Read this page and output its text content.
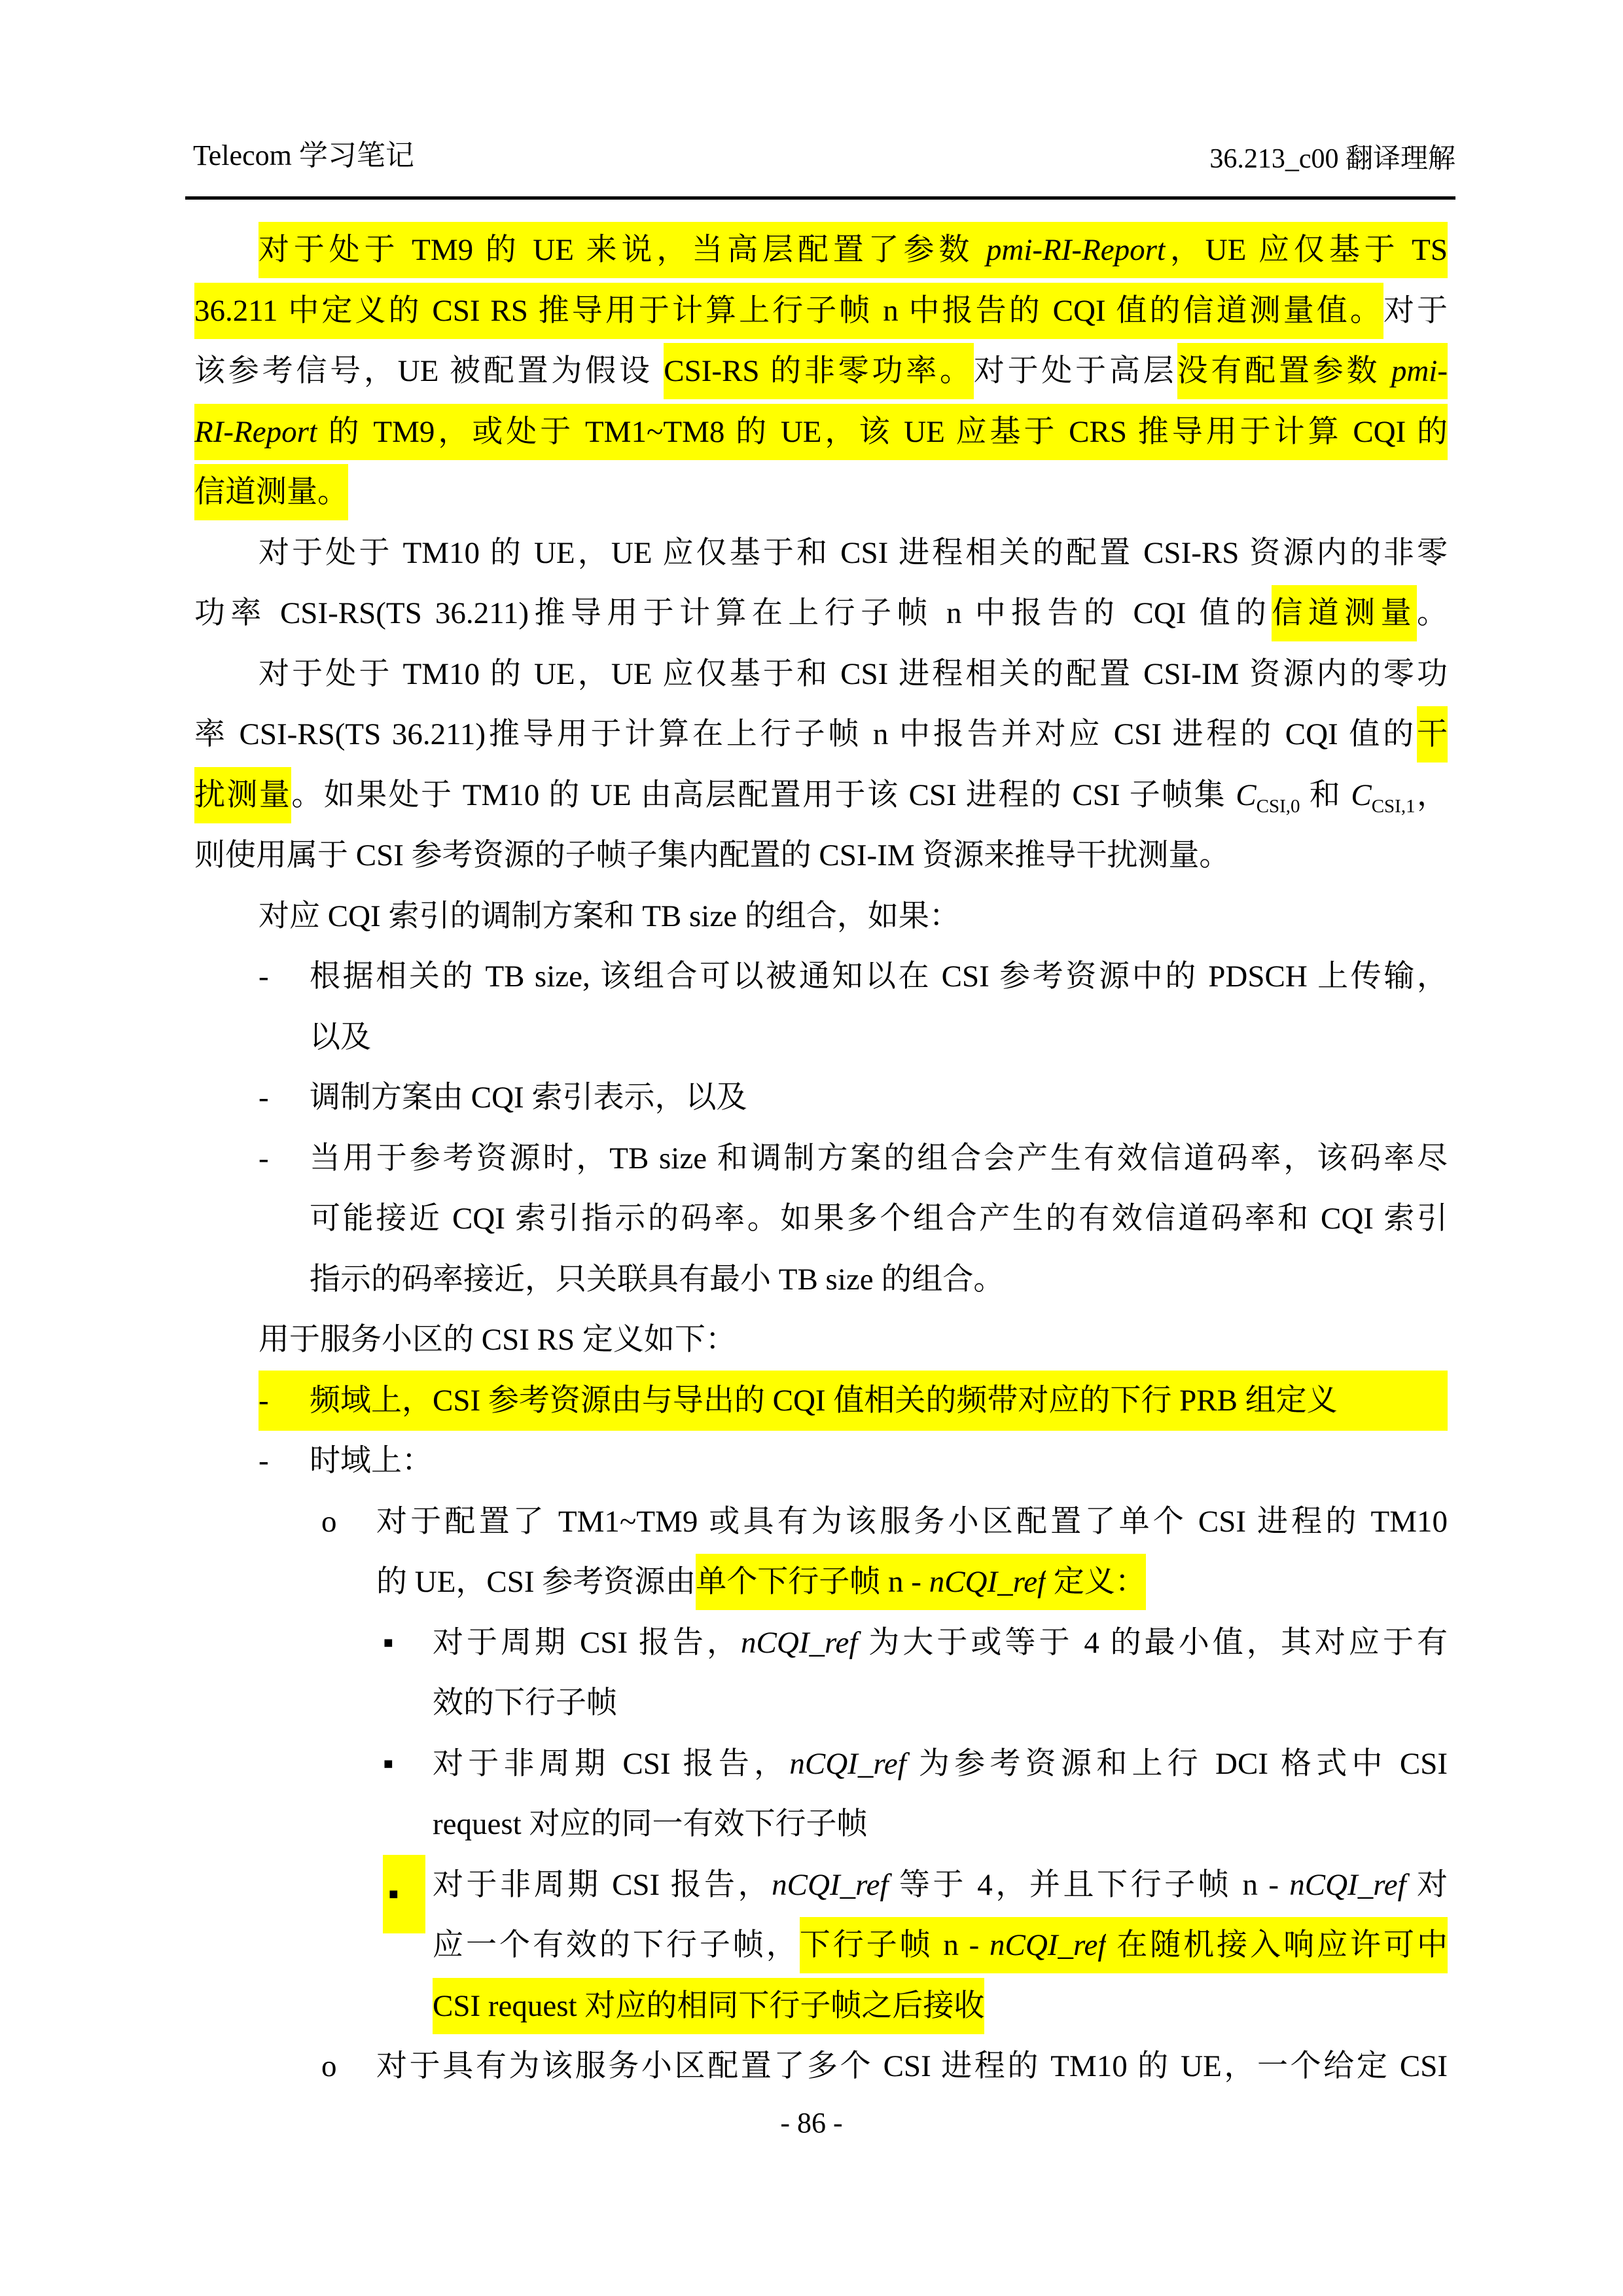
Telecom 学习笔记	36.213_c00 翻译理解
对于处于 TM9 的 UE 来说，当高层配置了参数 pmi-RI-Report，UE 应仅基于 TS
36.211 中定义的 CSI RS 推导用于计算上行子帧 n 中报告的 CQI 值的信道测量值。对于
该参考信号，UE 被配置为假设 CSI-RS 的非零功率。对于处于高层没有配置参数 pmi-
RI-Report 的 TM9，或处于 TM1~TM8 的 UE，该 UE 应基于 CRS 推导用于计算 CQI 的
信道测量。
对于处于 TM10 的 UE，UE 应仅基于和 CSI 进程相关的配置 CSI-RS 资源内的非零
功率 CSI-RS(TS 36.211)推导用于计算在上行子帧 n 中报告的 CQI 值的信道测量。
对于处于 TM10 的 UE，UE 应仅基于和 CSI 进程相关的配置 CSI-IM 资源内的零功
率 CSI-RS(TS 36.211)推导用于计算在上行子帧 n 中报告并对应 CSI 进程的 CQI 值的干
扰测量。如果处于 TM10 的 UE 由高层配置用于该 CSI 进程的 CSI 子帧集 $C_{CSI,0}$ 和 $C_{CSI,1}$，
则使用属于 CSI 参考资源的子帧子集内配置的 CSI-IM 资源来推导干扰测量。
对应 CQI 索引的调制方案和 TB size 的组合，如果：
- 根据相关的 TB size, 该组合可以被通知以在 CSI 参考资源中的 PDSCH 上传输，
以及
- 调制方案由 CQI 索引表示，以及
- 当用于参考资源时，TB size 和调制方案的组合会产生有效信道码率，该码率尽
可能接近 CQI 索引指示的码率。如果多个组合产生的有效信道码率和 CQI 索引
指示的码率接近，只关联具有最小 TB size 的组合。
用于服务小区的 CSI RS 定义如下：
- 频域上，CSI 参考资源由与导出的 CQI 值相关的频带对应的下行 PRB 组定义
- 时域上：
o 对于配置了 TM1~TM9 或具有为该服务小区配置了单个 CSI 进程的 TM10
的 UE，CSI 参考资源由单个下行子帧 n - nCQI_ref 定义：
▪ 对于周期 CSI 报告，nCQI_ref 为大于或等于 4 的最小值，其对应于有
效的下行子帧
▪ 对于非周期 CSI 报告，nCQI_ref 为参考资源和上行 DCI 格式中 CSI
request 对应的同一有效下行子帧
▪	对于非周期 CSI 报告，nCQI_ref 等于 4，并且下行子帧 n - nCQI_ref 对
应一个有效的下行子帧，下行子帧 n - nCQI_ref 在随机接入响应许可中
CSI request 对应的相同下行子帧之后接收
o 对于具有为该服务小区配置了多个 CSI 进程的 TM10 的 UE，一个给定 CSI
- 86 -
